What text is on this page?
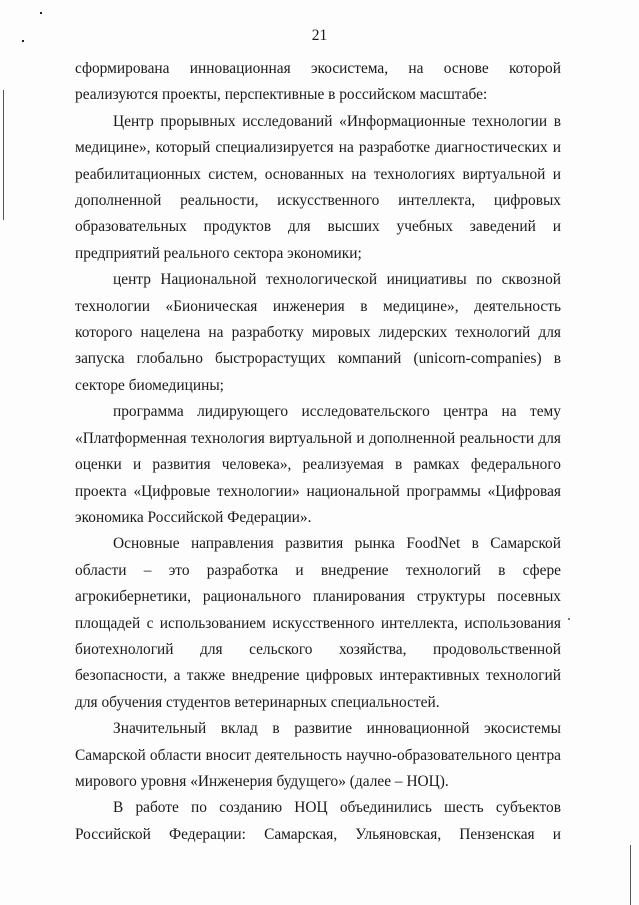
21

сформирована инновационная экосистема, на основе которой реализуются проекты, перспективные в российском масштабе:

Центр прорывных исследований «Информационные технологии в медицине», который специализируется на разработке диагностических и реабилитационных систем, основанных на технологиях виртуальной и дополненной реальности, искусственного интеллекта, цифровых образовательных продуктов для высших учебных заведений и предприятий реального сектора экономики;

центр Национальной технологической инициативы по сквозной технологии «Бионическая инженерия в медицине», деятельность которого нацелена на разработку мировых лидерских технологий для запуска глобально быстрорастущих компаний (unicorn-companies) в секторе биомедицины;

программа лидирующего исследовательского центра на тему «Платформенная технология виртуальной и дополненной реальности для оценки и развития человека», реализуемая в рамках федерального проекта «Цифровые технологии» национальной программы «Цифровая экономика Российской Федерации».

Основные направления развития рынка FoodNet в Самарской области – это разработка и внедрение технологий в сфере агрокибернетики, рационального планирования структуры посевных площадей с использованием искусственного интеллекта, использования биотехнологий для сельского хозяйства, продовольственной безопасности, а также внедрение цифровых интерактивных технологий для обучения студентов ветеринарных специальностей.

Значительный вклад в развитие инновационной экосистемы Самарской области вносит деятельность научно-образовательного центра мирового уровня «Инженерия будущего» (далее – НОЦ).

В работе по созданию НОЦ объединились шесть субъектов Российской Федерации: Самарская, Ульяновская, Пензенская и
